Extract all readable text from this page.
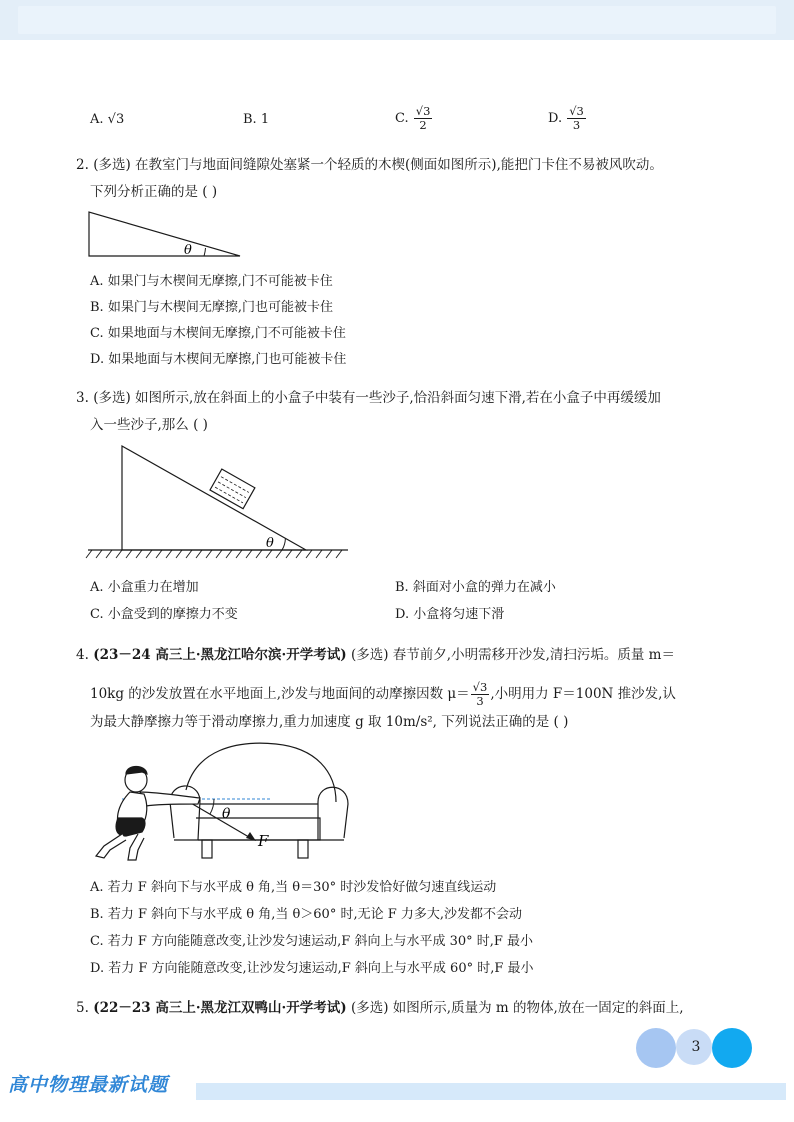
A. √3	B. 1	C. $\frac{√3}{2}$	D. $\frac{√3}{3}$
2. (多选) 在教室门与地面间缝隙处塞紧一个轻质的木楔(侧面如图所示),能把门卡住不易被风吹动。
下列分析正确的是 ( )
θ
A. 如果门与木楔间无摩擦,门不可能被卡住
B. 如果门与木楔间无摩擦,门也可能被卡住
C. 如果地面与木楔间无摩擦,门不可能被卡住
D. 如果地面与木楔间无摩擦,门也可能被卡住
3. (多选) 如图所示,放在斜面上的小盒子中装有一些沙子,恰沿斜面匀速下滑,若在小盒子中再缓缓加
入一些沙子,那么 ( )
θ
A. 小盒重力在增加	B. 斜面对小盒的弹力在减小
C. 小盒受到的摩擦力不变	D. 小盒将匀速下滑
4. (23－24 高三上·黑龙江哈尔滨·开学考试) (多选) 春节前夕,小明需移开沙发,清扫污垢。质量 m＝
10kg 的沙发放置在水平地面上,沙发与地面间的动摩擦因数 $\mu= \frac{√3}{3}$ ,小明用力 F＝100N 推沙发,认
为最大静摩擦力等于滑动摩擦力,重力加速度 g 取 10m/s², 下列说法正确的是 ( )
θ
F
A. 若力 F 斜向下与水平成 θ 角,当 θ＝30° 时沙发恰好做匀速直线运动
B. 若力 F 斜向下与水平成 θ 角,当 θ＞60° 时,无论 F 力多大,沙发都不会动
C. 若力 F 方向能随意改变,让沙发匀速运动,F 斜向上与水平成 30° 时,F 最小
D. 若力 F 方向能随意改变,让沙发匀速运动,F 斜向上与水平成 60° 时,F 最小
5. (22－23 高三上·黑龙江双鸭山·开学考试) (多选) 如图所示,质量为 m 的物体,放在一固定的斜面上,
3
高中物理最新试题
